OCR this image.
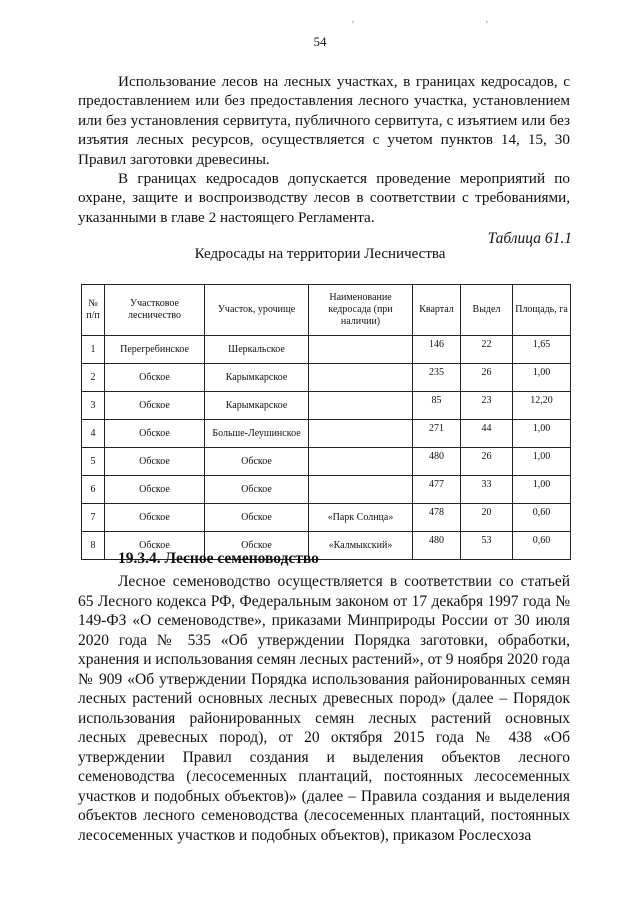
'	'
54

Использование лесов на лесных участках, в границах кедросадов, с предоставлением или без предоставления лесного участка, установлением или без установления сервитута, публичного сервитута, с изъятием или без изъятия лесных ресурсов, осуществляется с учетом пунктов 14, 15, 30 Правил заготовки древесины.

В границах кедросадов допускается проведение мероприятий по охране, защите и воспроизводству лесов в соответствии с требованиями, указанными в главе 2 настоящего Регламента.

Таблица 61.1
Кедросады на территории Лесничества
№ п/п	Участковое лесничество	Участок, урочище	Наименование кедросада (при наличии)	Квартал	Выдел	Площадь, га
1	Перегребинское	Шеркальское		146	22	1,65
2	Обское	Карымкарское		235	26	1,00
3	Обское	Карымкарское		85	23	12,20
4	Обское	Больше-Леушинское		271	44	1,00
5	Обское	Обское		480	26	1,00
6	Обское	Обское		477	33	1,00
7	Обское	Обское	«Парк Солнца»	478	20	0,60
8	Обское	Обское	«Калмыкский»	480	53	0,60
19.3.4. Лесное семеноводство

Лесное семеноводство осуществляется в соответствии со статьей 65 Лесного кодекса РФ, Федеральным законом от 17 декабря 1997 года № 149-ФЗ «О семеноводстве», приказами Минприроды России от 30 июля 2020 года № 535 «Об утверждении Порядка заготовки, обработки, хранения и использования семян лесных растений», от 9 ноября 2020 года № 909 «Об утверждении Порядка использования районированных семян лесных растений основных лесных древесных пород» (далее – Порядок использования районированных семян лесных растений основных лесных древесных пород), от 20 октября 2015 года № 438 «Об утверждении Правил создания и выделения объектов лесного семеноводства (лесосеменных плантаций, постоянных лесосеменных участков и подобных объектов)» (далее – Правила создания и выделения объектов лесного семеноводства (лесосеменных плантаций, постоянных лесосеменных участков и подобных объектов), приказом Рослесхоза
